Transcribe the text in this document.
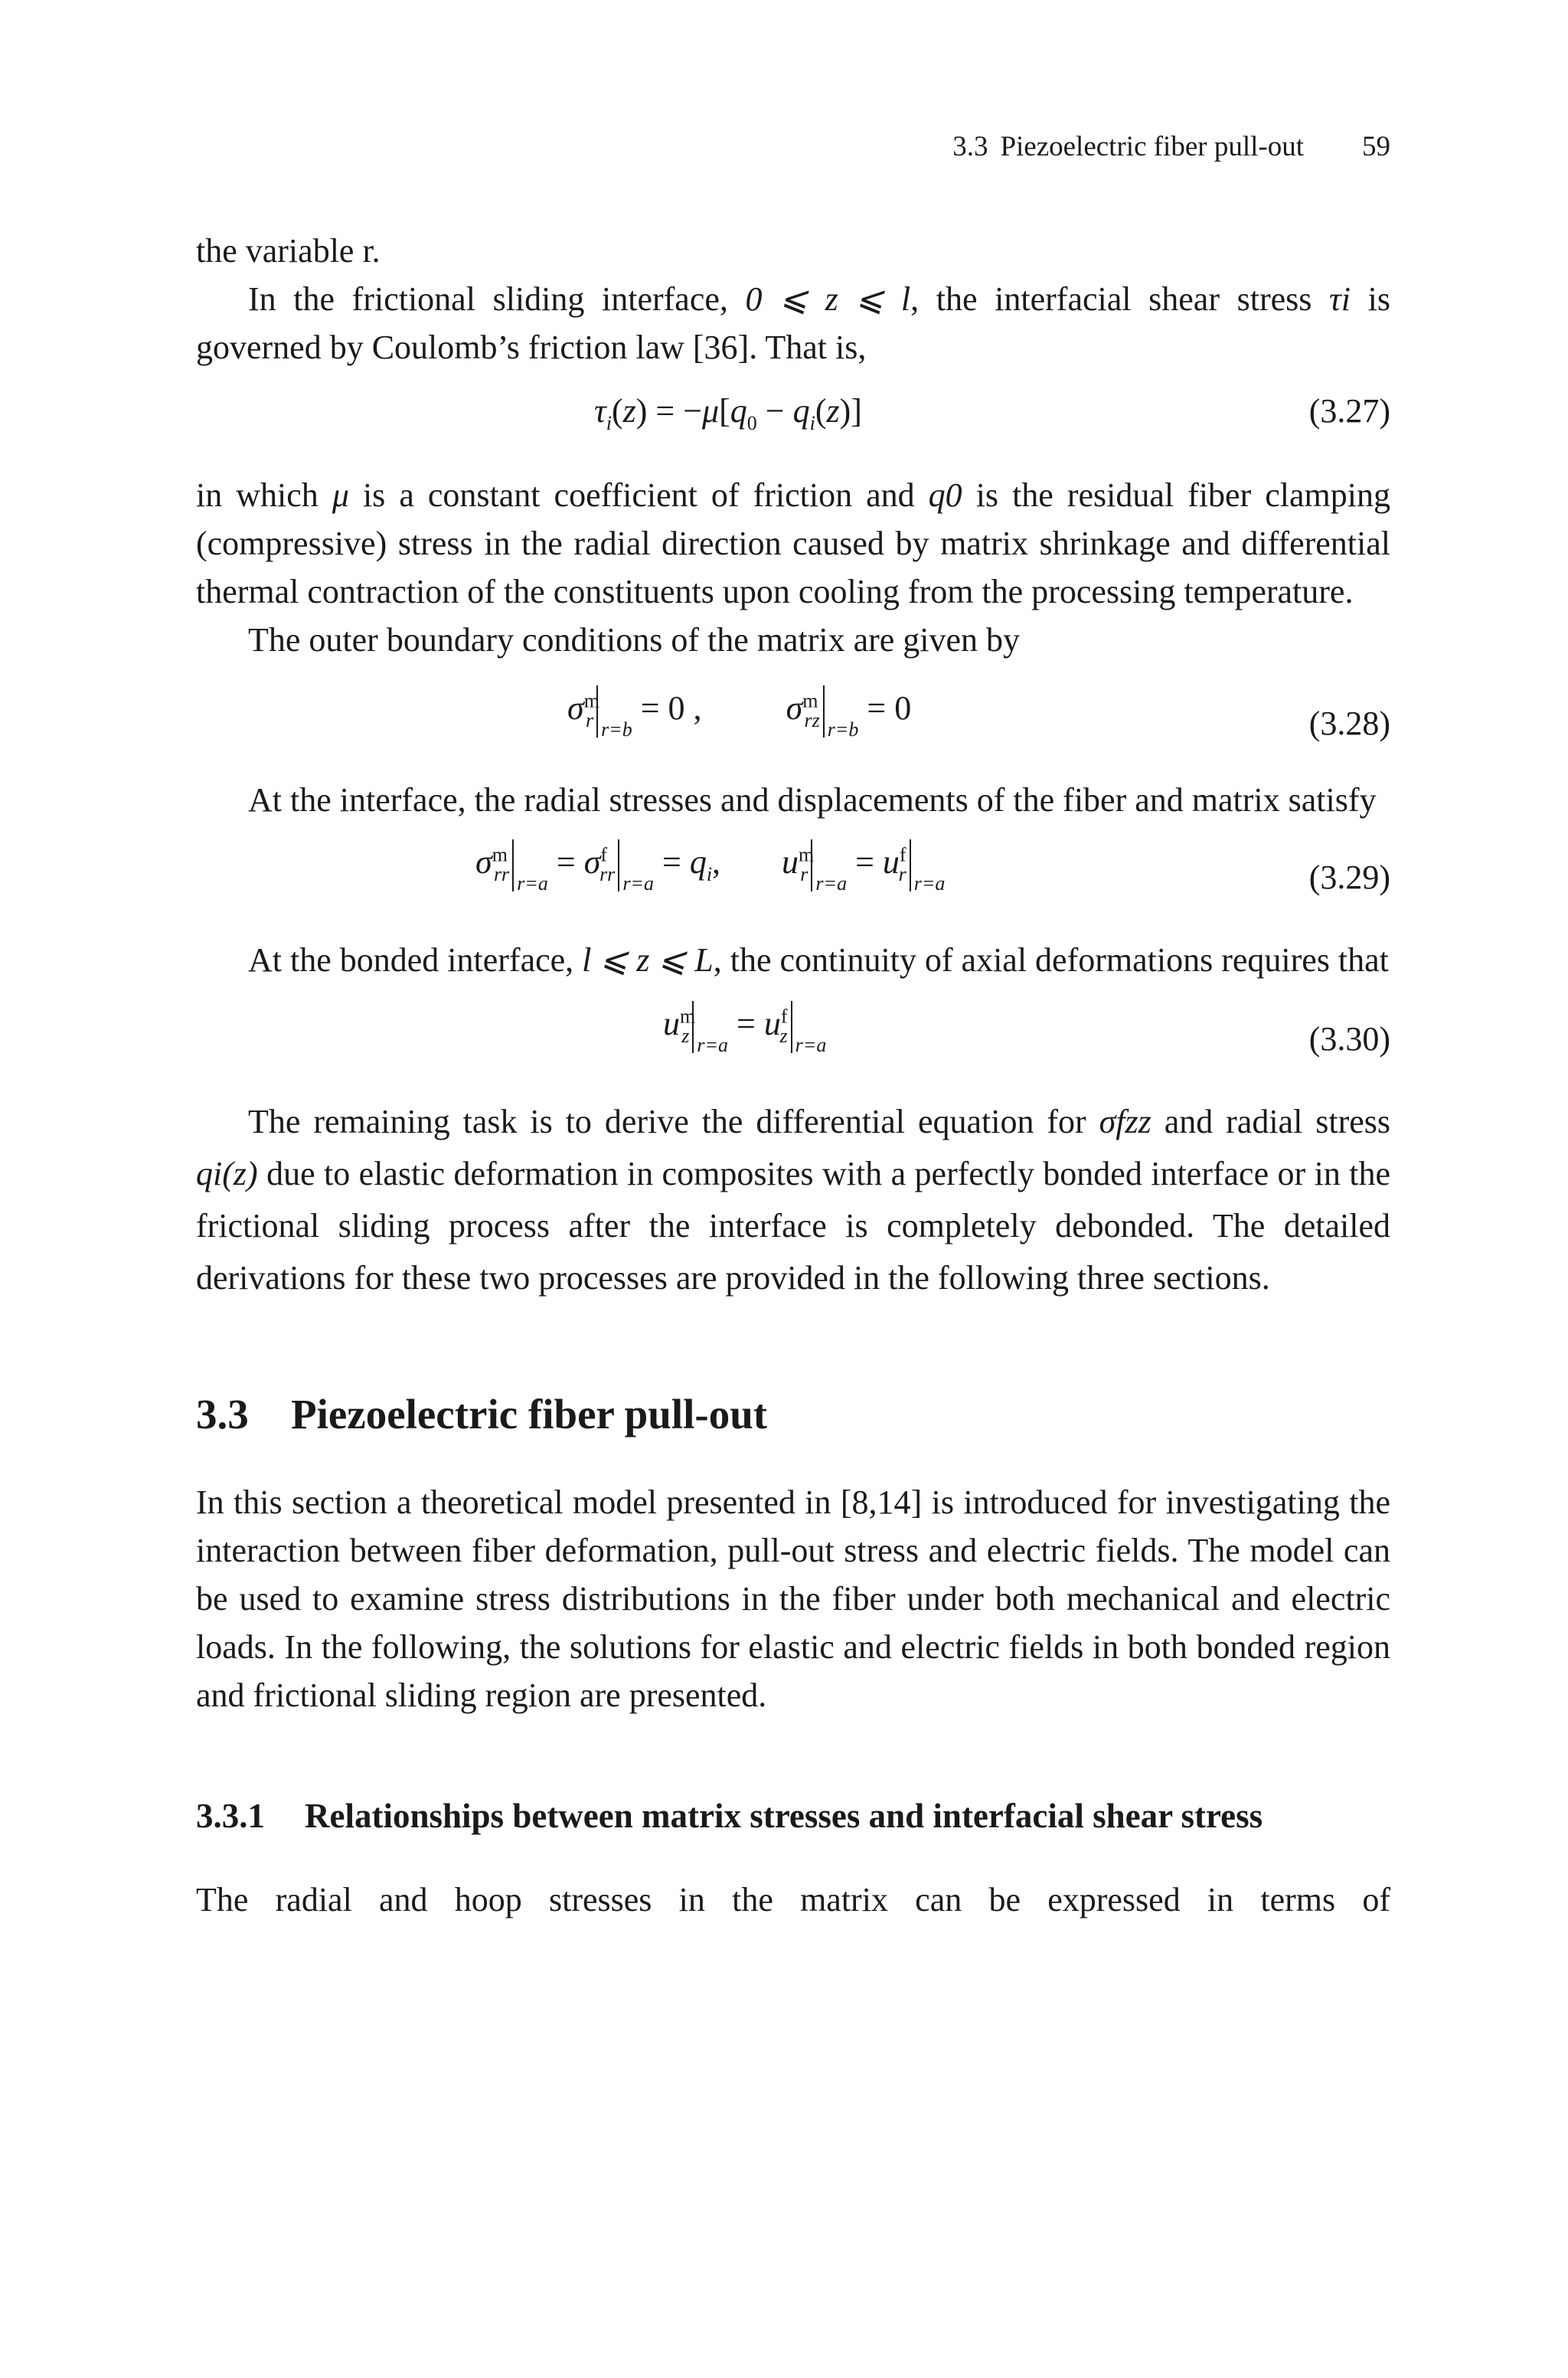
3.3 Piezoelectric fiber pull-out 59

the variable r.

In the frictional sliding interface, 0 ⩽ z ⩽ l, the interfacial shear stress τi is governed by Coulomb’s friction law [36]. That is,

$\tau_i(z) = -\mu[q_0 - q_i(z)]$	(3.27)

in which μ is a constant coefficient of friction and q0 is the residual fiber clamping (compressive) stress in the radial direction caused by matrix shrinkage and differential thermal contraction of the constituents upon cooling from the processing temperature.

The outer boundary conditions of the matrix are given by

$\sigma^m_r$ $_{r=b}$ = 0 ,	$\sigma^m_{rz}$ $_{r=b}$ = 0	(3.28)

At the interface, the radial stresses and displacements of the fiber and matrix satisfy

$\sigma^m_{rr}$ $_{r=a} = \sigma^f_{rr}$ $_{r=a} = q_i$, $u^m_r$ $_{r=a} = u^f_r$ $_{r=a}$	(3.29)

At the bonded interface, l ⩽ z ⩽ L, the continuity of axial deformations requires that

$u^m_z$ $_{r=a} = u^f_z$ $_{r=a}$	(3.30)

The remaining task is to derive the differential equation for σfzz and radial stress qi(z) due to elastic deformation in composites with a perfectly bonded interface or in the frictional sliding process after the interface is completely debonded. The detailed derivations for these two processes are provided in the following three sections.

3.3 Piezoelectric fiber pull-out

In this section a theoretical model presented in [8,14] is introduced for investigating the interaction between fiber deformation, pull-out stress and electric fields. The model can be used to examine stress distributions in the fiber under both mechanical and electric loads. In the following, the solutions for elastic and electric fields in both bonded region and frictional sliding region are presented.

3.3.1 Relationships between matrix stresses and interfacial shear stress

The radial and hoop stresses in the matrix can be expressed in terms of
